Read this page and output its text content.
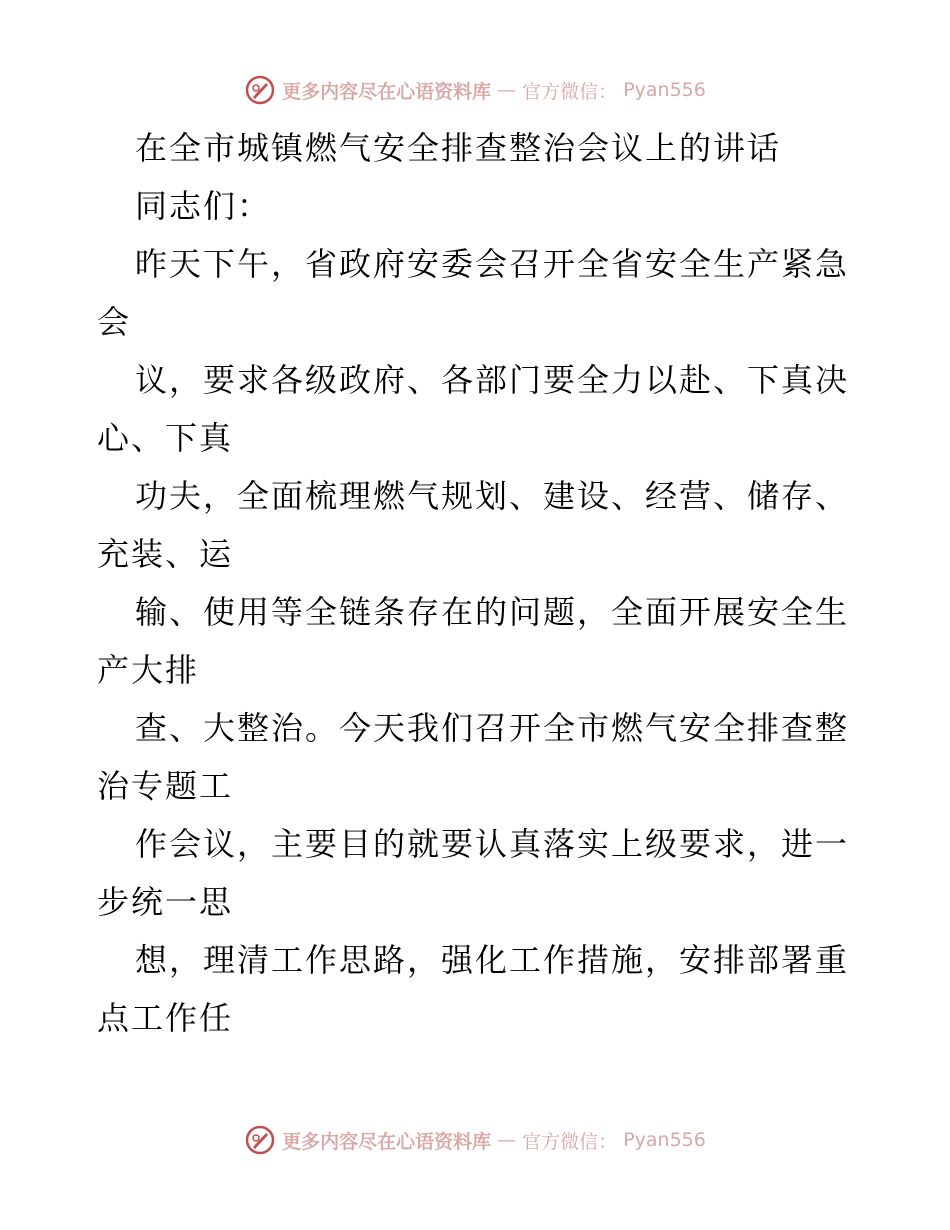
更多内容尽在心语资料库 — 官方微信： Pyan556
在全市城镇燃气安全排查整治会议上的讲话
同志们：
昨天下午，省政府安委会召开全省安全生产紧急
会
议，要求各级政府、各部门要全力以赴、下真决
心、下真
功夫，全面梳理燃气规划、建设、经营、储存、
充装、运
输、使用等全链条存在的问题，全面开展安全生
产大排
查、大整治。今天我们召开全市燃气安全排查整
治专题工
作会议，主要目的就要认真落实上级要求，进一
步统一思
想，理清工作思路，强化工作措施，安排部署重
点工作任
更多内容尽在心语资料库 — 官方微信： Pyan556
